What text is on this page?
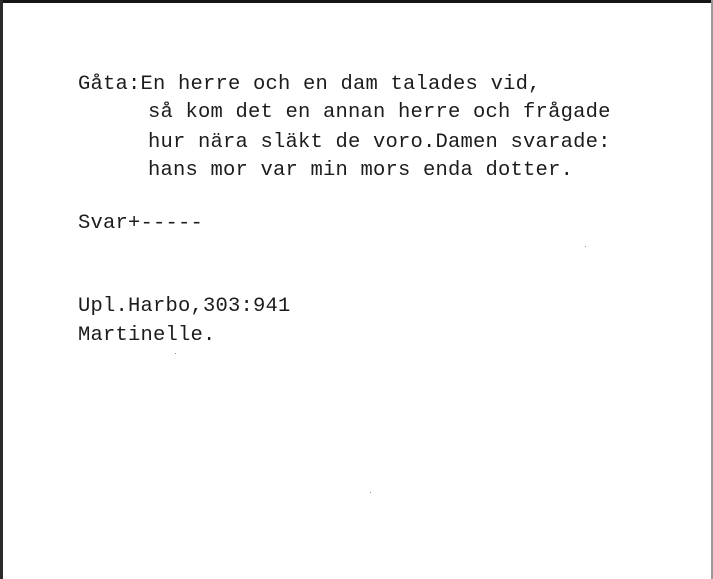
Gåta:En herre och en dam talades vid,
så kom det en annan herre och frågade
hur nära släkt de voro.Damen svarade:
hans mor var min mors enda dotter.
Svar+-----
Upl.Harbo,303:941
Martinelle.
